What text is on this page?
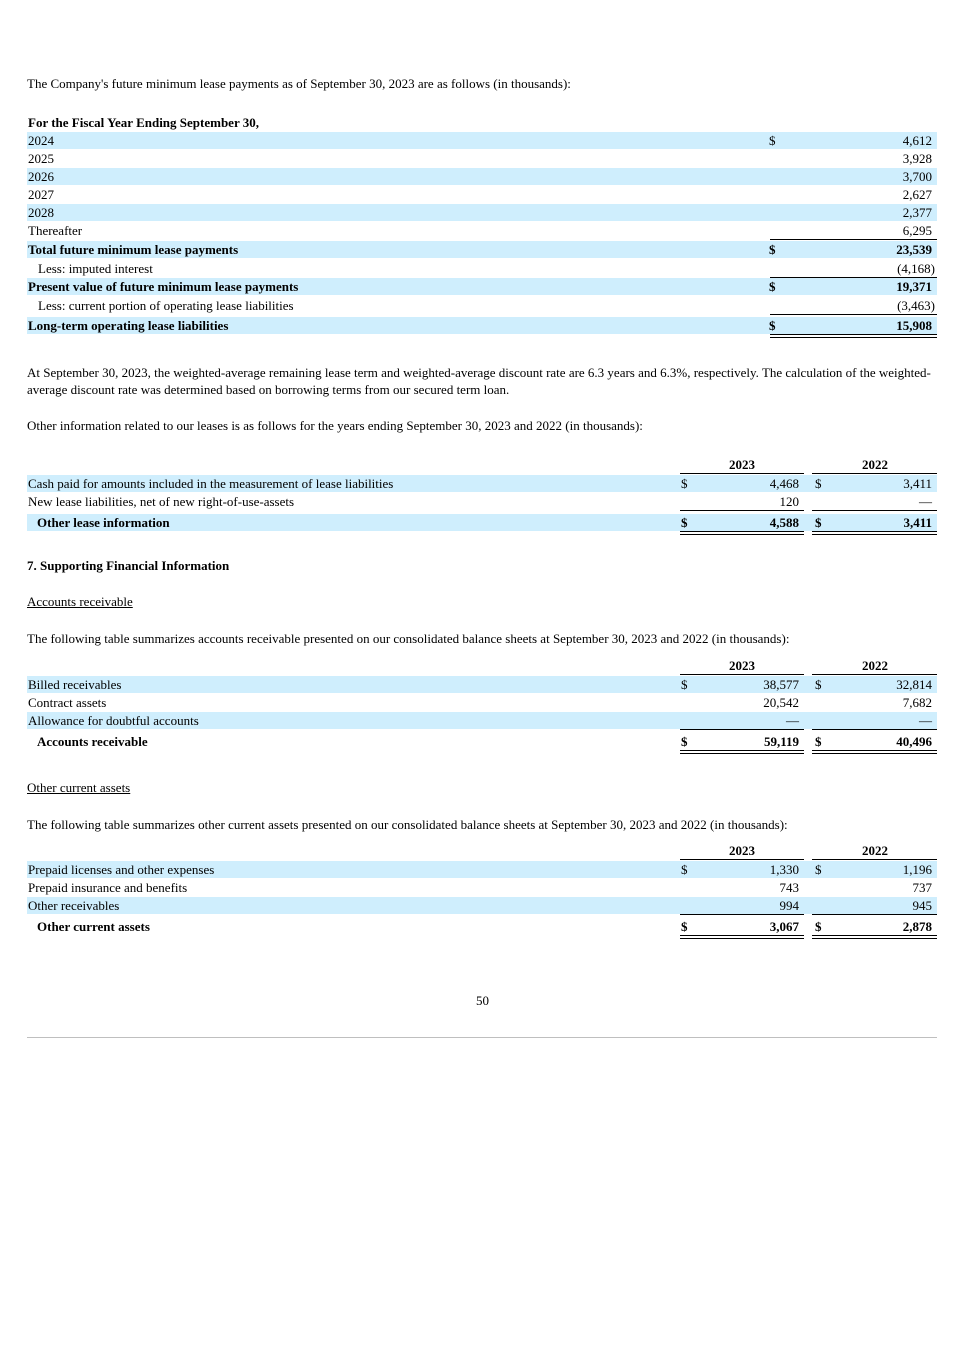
The Company's future minimum lease payments as of September 30, 2023 are as follows (in thousands):
For the Fiscal Year Ending September 30,
2024	$	4,612
2025	3,928
2026	3,700
2027	2,627
2028	2,377
Thereafter	6,295
Total future minimum lease payments	$	23,539
Less: imputed interest	(4,168)
Present value of future minimum lease payments	$	19,371
Less: current portion of operating lease liabilities	(3,463)
Long-term operating lease liabilities	$	15,908
At September 30, 2023, the weighted-average remaining lease term and weighted-average discount rate are 6.3 years and 6.3%, respectively. The calculation of the weighted-average discount rate was determined based on borrowing terms from our secured term loan.
Other information related to our leases is as follows for the years ending September 30, 2023 and 2022 (in thousands):
2023	2022
Cash paid for amounts included in the measurement of lease liabilities	$	4,468 $	3,411
New lease liabilities, net of new right-of-use-assets	120	—
Other lease information	$	4,588 $	3,411
7. Supporting Financial Information
Accounts receivable
The following table summarizes accounts receivable presented on our consolidated balance sheets at September 30, 2023 and 2022 (in thousands):
2023	2022
Billed receivables	$	38,577 $	32,814
Contract assets	20,542	7,682
Allowance for doubtful accounts	—	—
Accounts receivable	$	59,119 $	40,496
Other current assets
The following table summarizes other current assets presented on our consolidated balance sheets at September 30, 2023 and 2022 (in thousands):
2023	2022
Prepaid licenses and other expenses	$	1,330 $	1,196
Prepaid insurance and benefits	743	737
Other receivables	994	945
Other current assets	$	3,067 $	2,878
50
